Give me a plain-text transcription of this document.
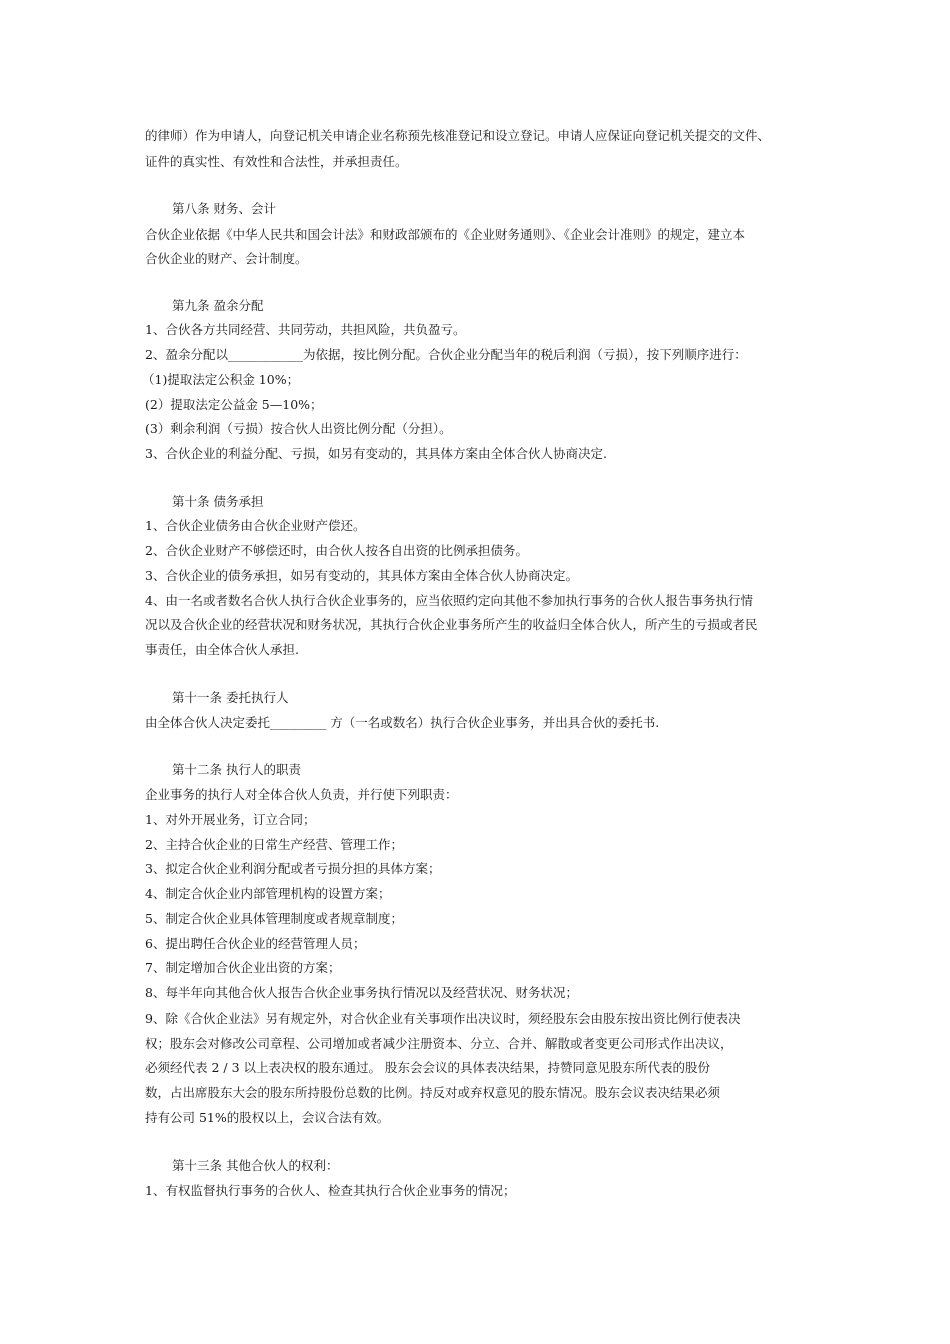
的律师）作为申请人，向登记机关申请企业名称预先核准登记和设立登记。申请人应保证向登记机关提交的文件、
证件的真实性、有效性和合法性，并承担责任。
第八条 财务、会计
合伙企业依据《中华人民共和国会计法》和财政部颁布的《企业财务通则》、《企业会计准则》的规定，建立本
合伙企业的财产、会计制度。
第九条 盈余分配
1、合伙各方共同经营、共同劳动，共担风险，共负盈亏。
2、盈余分配以____________为依据，按比例分配。合伙企业分配当年的税后利润（亏损），按下列顺序进行：
（1)提取法定公积金 10%；
(2）提取法定公益金 5—10%；
(3）剩余利润（亏损）按合伙人出资比例分配（分担）。
3、合伙企业的利益分配、亏损，如另有变动的，其具体方案由全体合伙人协商决定.
第十条 债务承担
1、合伙企业债务由合伙企业财产偿还。
2、合伙企业财产不够偿还时，由合伙人按各自出资的比例承担债务。
3、合伙企业的债务承担，如另有变动的，其具体方案由全体合伙人协商决定。
4、由一名或者数名合伙人执行合伙企业事务的，应当依照约定向其他不参加执行事务的合伙人报告事务执行情
况以及合伙企业的经营状况和财务状况，其执行合伙企业事务所产生的收益归全体合伙人，所产生的亏损或者民
事责任，由全体合伙人承担.
第十一条 委托执行人
由全体合伙人决定委托_________ 方（一名或数名）执行合伙企业事务，并出具合伙的委托书.
第十二条 执行人的职责
企业事务的执行人对全体合伙人负责，并行使下列职责：
1、对外开展业务，订立合同；
2、主持合伙企业的日常生产经营、管理工作；
3、拟定合伙企业利润分配或者亏损分担的具体方案；
4、制定合伙企业内部管理机构的设置方案；
5、制定合伙企业具体管理制度或者规章制度；
6、提出聘任合伙企业的经营管理人员；
7、制定增加合伙企业出资的方案；
8、每半年向其他合伙人报告合伙企业事务执行情况以及经营状况、财务状况；
9、除《合伙企业法》另有规定外，对合伙企业有关事项作出决议时，须经股东会由股东按出资比例行使表决
权；股东会对修改公司章程、公司增加或者减少注册资本、分立、合并、解散或者变更公司形式作出决议，
必须经代表 2 / 3 以上表决权的股东通过。 股东会会议的具体表决结果，持赞同意见股东所代表的股份
数，占出席股东大会的股东所持股份总数的比例。持反对或弃权意见的股东情况。股东会议表决结果必须
持有公司 51%的股权以上，会议合法有效。
第十三条 其他合伙人的权利：
1、有权监督执行事务的合伙人、检查其执行合伙企业事务的情况；
